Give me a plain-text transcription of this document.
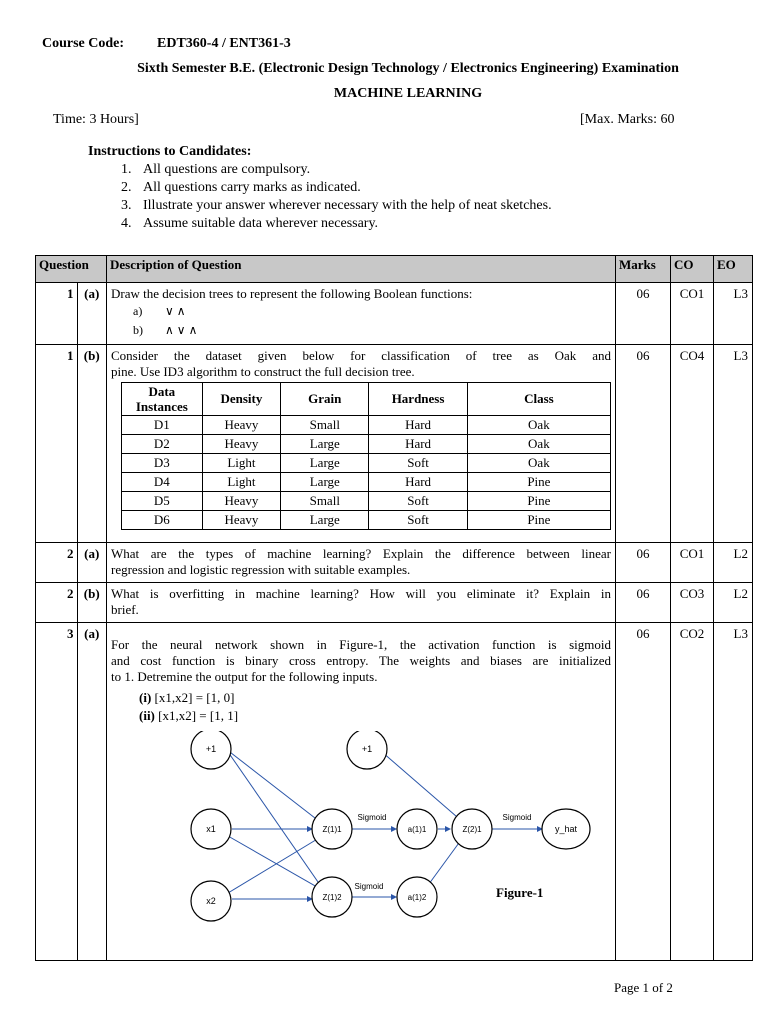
Course Code: EDT360-4 / ENT361-3
Sixth Semester B.E. (Electronic Design Technology / Electronics Engineering) Examination
MACHINE LEARNING
Time: 3 Hours]	[Max. Marks: 60
Instructions to Candidates:
1. All questions are compulsory.
2. All questions carry marks as indicated.
3. Illustrate your answer wherever necessary with the help of neat sketches.
4. Assume suitable data wherever necessary.
Question	Description of Question	Marks	CO	EO
1	(a)	Draw the decision trees to represent the following Boolean functions:
a) ∨ ∧
b) ∧ ∨ ∧
	06	CO1	L3
1	(b)	Consider the dataset given below for classification of tree as Oak and
pine. Use ID3 algorithm to construct the full decision tree.
Data Instances	Density	Grain	Hardness	Class
D1	Heavy	Small	Hard	Oak
D2	Heavy	Large	Hard	Oak
D3	Light	Large	Soft	Oak
D4	Light	Large	Hard	Pine
D5	Heavy	Small	Soft	Pine
D6	Heavy	Large	Soft	Pine
	06	CO4	L3
2	(a)	What are the types of machine learning? Explain the difference between linear
regression and logistic regression with suitable examples.
	06	CO1	L2
2	(b)	What is overfitting in machine learning? How will you eliminate it? Explain in
brief.
	06	CO3	L2
3	(a)	
For the neural network shown in Figure-1, the activation function is sigmoid
and cost function is binary cross entropy. The weights and biases are initialized
to 1. Detremine the output for the following inputs.
(i) [x1,x2] = [1, 0]
(ii) [x1,x2] = [1, 1]
+1
x1
x2
Z(1)1
Z(1)2
+1
a(1)1
a(1)2
Z(2)1	y_hat
Sigmoid
Sigmoid
Sigmoid
Figure-1
	06	CO2	L3
Page 1 of 2
